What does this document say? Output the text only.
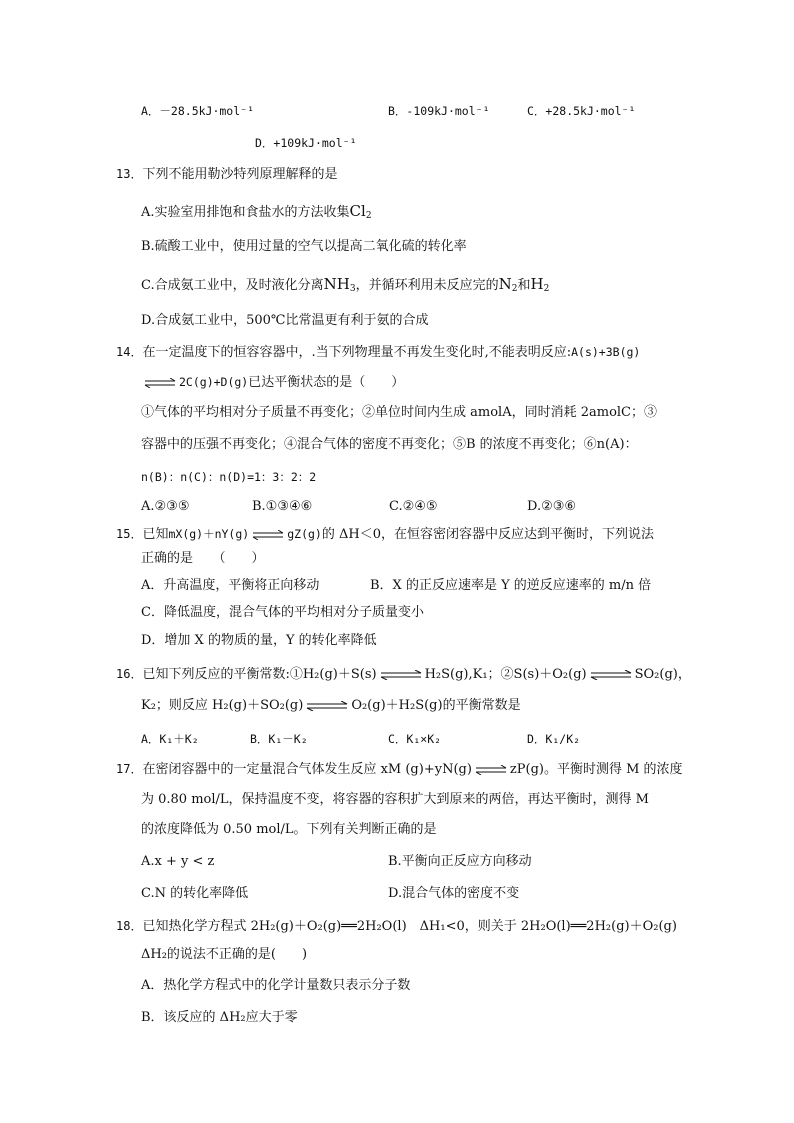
A．－28.5kJ·mol⁻¹	B．-109kJ·mol⁻¹	C．+28.5kJ·mol⁻¹
D．+109kJ·mol⁻¹
13．下列不能用勒沙特列原理解释的是
A.实验室用排饱和食盐水的方法收集$Cl_2$
B.硫酸工业中，使用过量的空气以提高二氧化硫的转化率
C.合成氨工业中，及时液化分离$NH_3$，并循环利用未反应完的$N_2$和$H_2$
D.合成氨工业中，500℃比常温更有利于氨的合成
14．在一定温度下的恒容容器中，.当下列物理量不再发生变化时,不能表明反应:A(s)+3B(g)
⇌ 2C(g)+D(g)已达平衡状态的是（　　）
①气体的平均相对分子质量不再变化；②单位时间内生成 amolA，同时消耗 2amolC；③
容器中的压强不再变化；④混合气体的密度不再变化；⑤B 的浓度不再变化；⑥n(A)：
n(B)：n(C)：n(D)=1：3：2：2
A.②③⑤	B.①③④⑥	C.②④⑤	D.②③⑥
15．已知mX(g)＋nY(g) ⇌ gZ(g)的 ΔH＜0，在恒容密闭容器中反应达到平衡时，下列说法
正确的是　　（　　）
A．升高温度，平衡将正向移动	B．X 的正反应速率是 Y 的逆反应速率的 m/n 倍
C．降低温度，混合气体的平均相对分子质量变小
D．增加 X 的物质的量，Y 的转化率降低
16．已知下列反应的平衡常数:①H₂(g)＋S(s) ⇌ H₂S(g),K₁；②S(s)＋O₂(g) ⇌ SO₂(g)，
K₂；则反应 H₂(g)＋SO₂(g) ⇌ O₂(g)＋H₂S(g)的平衡常数是
A．K₁＋K₂	B．K₁－K₂	C．K₁×K₂	D．K₁/K₂
17．在密闭容器中的一定量混合气体发生反应 xM (g)+yN(g) ⇌ zP(g)。平衡时测得 M 的浓度
为 0.80 mol/L，保持温度不变，将容器的容积扩大到原来的两倍，再达平衡时，测得 M
的浓度降低为 0.50 mol/L。下列有关判断正确的是
A.x + y < z	B.平衡向正反应方向移动
C.N 的转化率降低	D.混合气体的密度不变
18．已知热化学方程式 2H₂(g)＋O₂(g)══2H₂O(l)　ΔH₁<0，则关于 2H₂O(l)══2H₂(g)＋O₂(g)
ΔH₂的说法不正确的是(　　)
A．热化学方程式中的化学计量数只表示分子数
B．该反应的 ΔH₂应大于零
